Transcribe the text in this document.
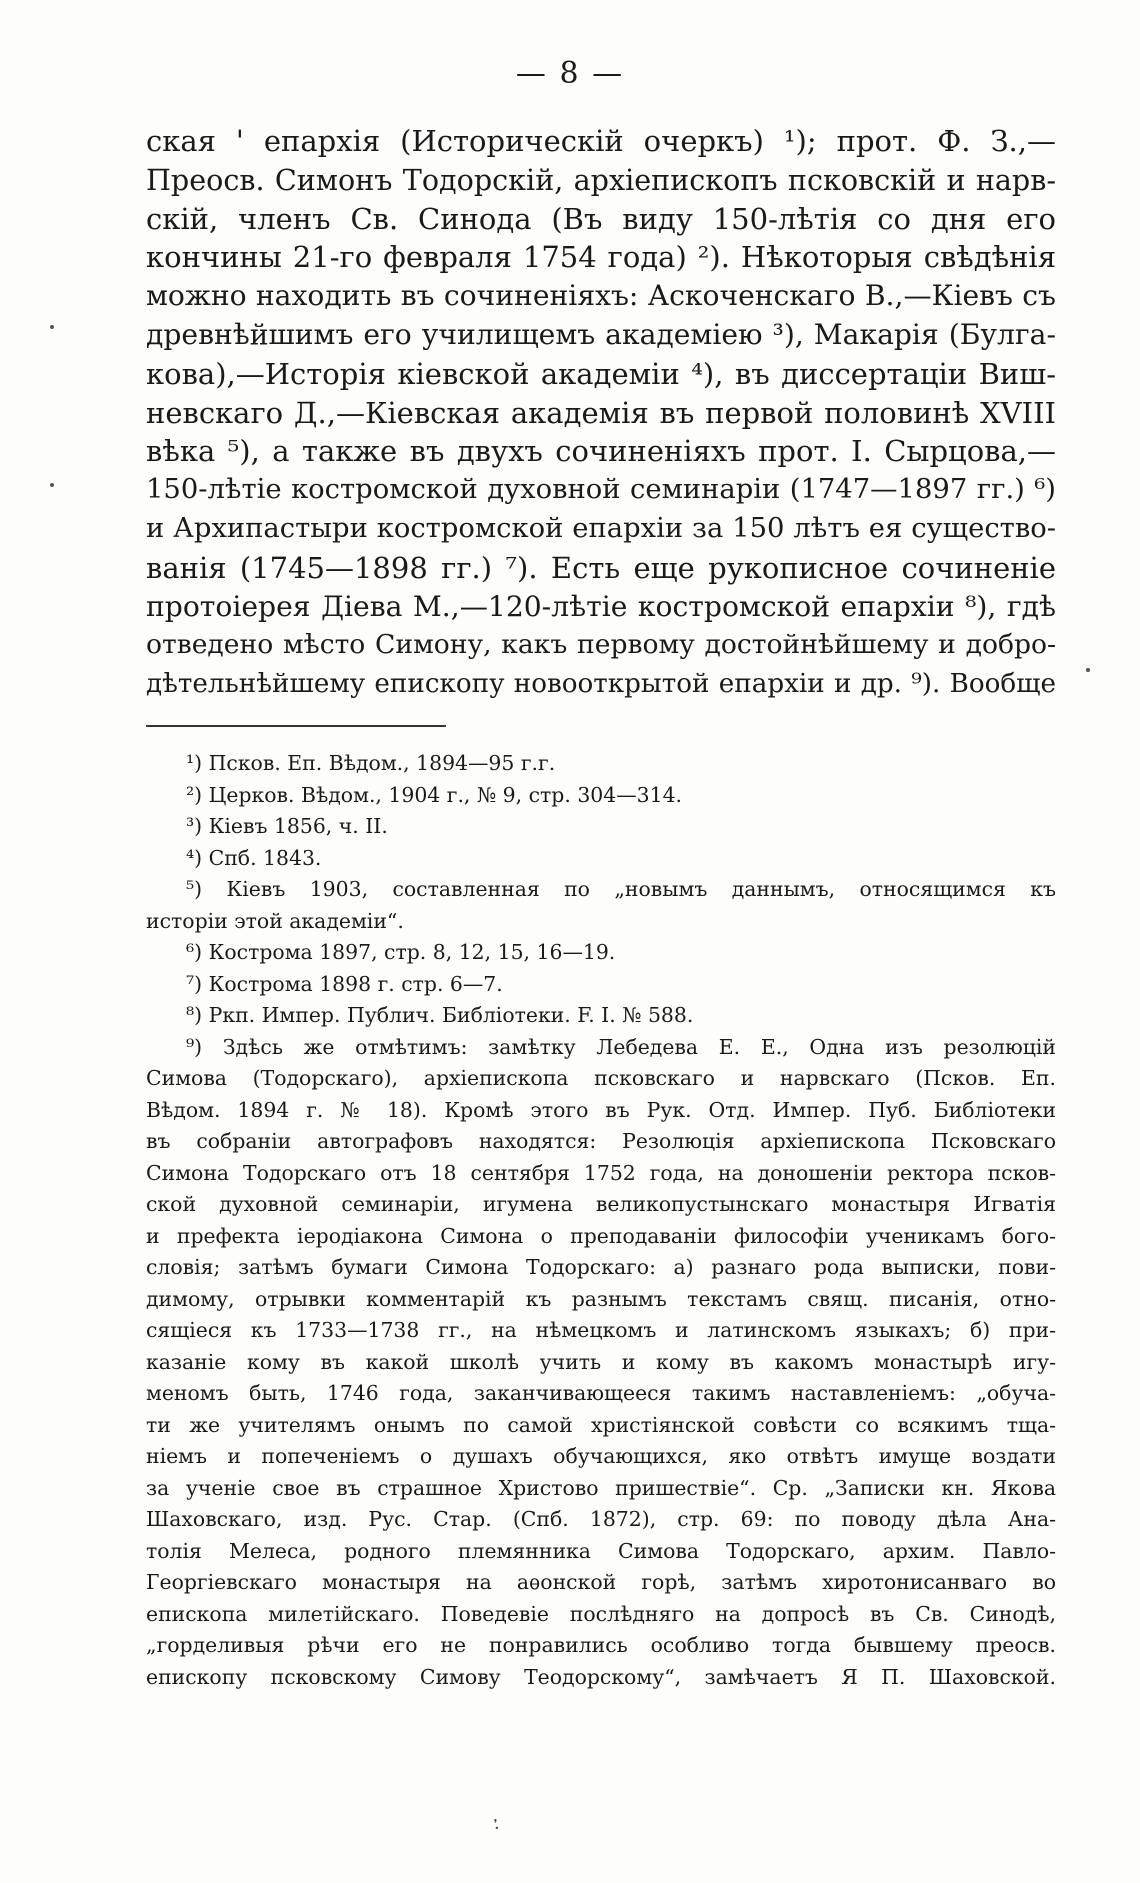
— 8 —
ская ' епархія (Историческій очеркъ) ¹); прот. Ф. З.,—
Преосв. Симонъ Тодорскій, архіепископъ псковскій и нарв-
скій, членъ Св. Синода (Въ виду 150-лѣтія со дня его
кончины 21-го февраля 1754 года) ²). Нѣкоторыя свѣдѣнія
можно находить въ сочиненіяхъ: Аскоченскаго В.,—Кіевъ съ
древнѣйшимъ его училищемъ академіею ³), Макарія (Булга-
кова),—Исторія кіевской академіи ⁴), въ диссертаціи Виш-
невскаго Д.,—Кіевская академія въ первой половинѣ XVIII
вѣка ⁵), а также въ двухъ сочиненіяхъ прот. І. Сырцова,—
150-лѣтіе костромской духовной семинаріи (1747—1897 гг.) ⁶)
и Архипастыри костромской епархіи за 150 лѣтъ ея существо-
ванія (1745—1898 гг.) ⁷). Есть еще рукописное сочиненіе
протоіерея Діева М.,—120-лѣтіе костромской епархіи ⁸), гдѣ
отведено мѣсто Симону, какъ первому достойнѣйшему и добро-
дѣтельнѣйшему епископу новооткрытой епархіи и др. ⁹). Вообще
¹) Псков. Еп. Вѣдом., 1894—95 г.г.
²) Церков. Вѣдом., 1904 г., № 9, стр. 304—314.
³) Кіевъ 1856, ч. II.
⁴) Спб. 1843.
⁵) Кіевъ 1903, составленная по „новымъ даннымъ, относящимся къ
исторіи этой академіи“.
⁶) Кострома 1897, стр. 8, 12, 15, 16—19.
⁷) Кострома 1898 г. стр. 6—7.
⁸) Ркп. Импер. Публич. Библіотеки. F. I. № 588.
⁹) Здѣсь же отмѣтимъ: замѣтку Лебедева Е. Е., Одна изъ резолюцій
Симова (Тодорскаго), архіепископа псковскаго и нарвскаго (Псков. Еп.
Вѣдом. 1894 г. № 18). Кромѣ этого въ Рук. Отд. Импер. Пуб. Библіотеки
въ собраніи автографовъ находятся: Резолюція архіепископа Псковскаго
Симона Тодорскаго отъ 18 сентября 1752 года, на доношеніи ректора псков-
ской духовной семинаріи, игумена великопустынскаго монастыря Игватія
и префекта іеродіакона Симона о преподаваніи философіи ученикамъ бого-
словія; затѣмъ бумаги Симона Тодорскаго: а) разнаго рода выписки, пови-
димому, отрывки комментарій къ разнымъ текстамъ свящ. писанія, отно-
сящіеся къ 1733—1738 гг., на нѣмецкомъ и латинскомъ языкахъ; б) при-
казаніе кому въ какой школѣ учить и кому въ какомъ монастырѣ игу-
меномъ быть, 1746 года, заканчивающееся такимъ наставленіемъ: „обуча-
ти же учителямъ онымъ по самой христіянской совѣсти со всякимъ тща-
ніемъ и попеченіемъ о душахъ обучающихся, яко отвѣтъ имуще воздати
за ученіе свое въ страшное Христово пришествіе“. Ср. „Записки кн. Якова
Шаховскаго, изд. Рус. Стар. (Спб. 1872), стр. 69: по поводу дѣла Ана-
толія Мелеса, родного племянника Симова Тодорскаго, архим. Павло-
Георгіевскаго монастыря на аѳонской горѣ, затѣмъ хиротонисанваго во
епископа милетійскаго. Поведевіе послѣдняго на допросѣ въ Св. Синодѣ,
„горделивыя рѣчи его не понравились особливо тогда бывшему преосв.
епископу псковскому Симову Теодорскому“, замѣчаетъ Я П. Шаховской.
·̓
